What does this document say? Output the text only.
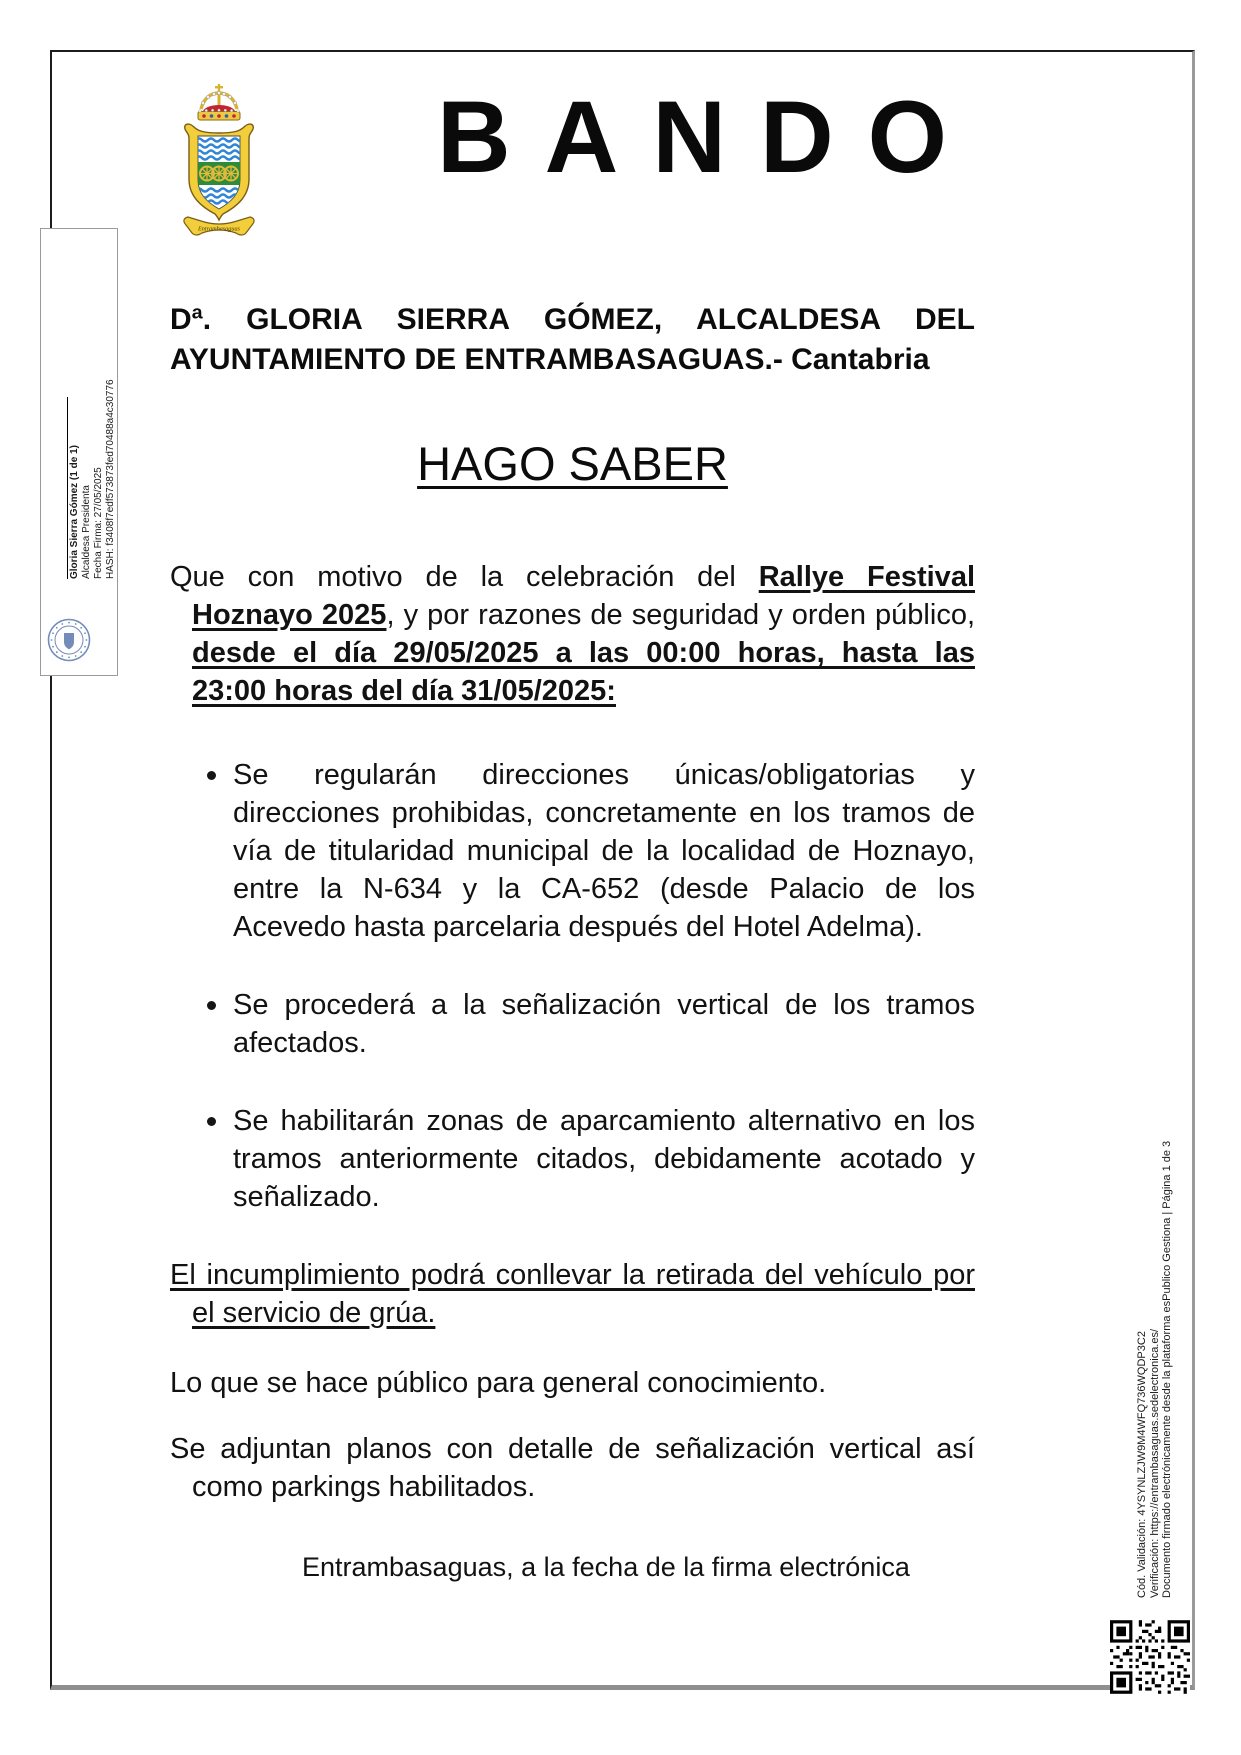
Entrambasaguas
BANDO

Dª. GLORIA SIERRA GÓMEZ, ALCALDESA DEL AYUNTAMIENTO DE ENTRAMBASAGUAS.- Cantabria

HAGO SABER

Que con motivo de la celebración del Rallye Festival Hoznayo 2025, y por razones de seguridad y orden público, desde el día 29/05/2025 a las 00:00 horas, hasta las 23:00 horas del día 31/05/2025:

Se regularán direcciones únicas/obligatorias y direcciones prohibidas, concretamente en los tramos de vía de titularidad municipal de la localidad de Hoznayo, entre la N-634 y la CA-652 (desde Palacio de los Acevedo hasta parcelaria después del Hotel Adelma).

Se procederá a la señalización vertical de los tramos afectados.

Se habilitarán zonas de aparcamiento alternativo en los tramos anteriormente citados, debidamente acotado y señalizado.

El incumplimiento podrá conllevar la retirada del vehículo por el servicio de grúa.

Lo que se hace público para general conocimiento.

Se adjuntan planos con detalle de señalización vertical así como parkings habilitados.

Entrambasaguas, a la fecha de la firma electrónica

Gloria Sierra Gómez (1 de 1) Alcaldesa Presidenta Fecha Firma: 27/05/2025 HASH: f3408f7edf573873fed70488a4c30776
Cód. Validación: 4YSYNLZJW9M4WFQ736WQDP3C2 Verificación: https://entrambasaguas.sedelectronica.es/ Documento firmado electrónicamente desde la plataforma esPublico Gestiona | Página 1 de 3
